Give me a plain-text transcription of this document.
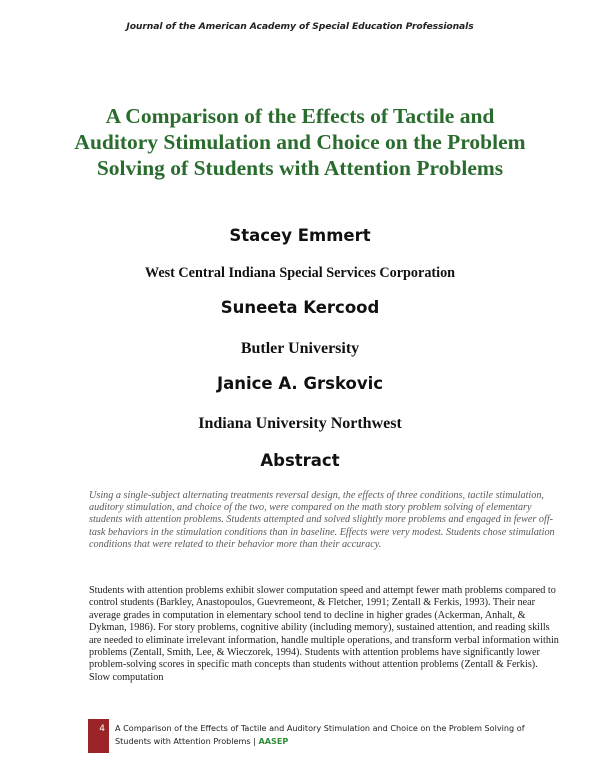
Journal of the American Academy of Special Education Professionals
A Comparison of the Effects of Tactile and Auditory Stimulation and Choice on the Problem Solving of Students with Attention Problems
Stacey Emmert
West Central Indiana Special Services Corporation
Suneeta Kercood
Butler University
Janice A. Grskovic
Indiana University Northwest
Abstract

Using a single-subject alternating treatments reversal design, the effects of three conditions, tactile stimulation, auditory stimulation, and choice of the two, were compared on the math story problem solving of elementary students with attention problems. Students attempted and solved slightly more problems and engaged in fewer off-task behaviors in the stimulation conditions than in baseline. Effects were very modest. Students chose stimulation conditions that were related to their behavior more than their accuracy.

Students with attention problems exhibit slower computation speed and attempt fewer math problems compared to control students (Barkley, Anastopoulos, Guevremeont, & Fletcher, 1991; Zentall & Ferkis, 1993). Their near average grades in computation in elementary school tend to decline in higher grades (Ackerman, Anhalt, & Dykman, 1986). For story problems, cognitive ability (including memory), sustained attention, and reading skills are needed to eliminate irrelevant information, handle multiple operations, and transform verbal information within problems (Zentall, Smith, Lee, & Wieczorek, 1994). Students with attention problems have significantly lower problem-solving scores in specific math concepts than students without attention problems (Zentall & Ferkis). Slow computation

4	A Comparison of the Effects of Tactile and Auditory Stimulation and Choice on the Problem Solving of Students with Attention Problems | AASEP
